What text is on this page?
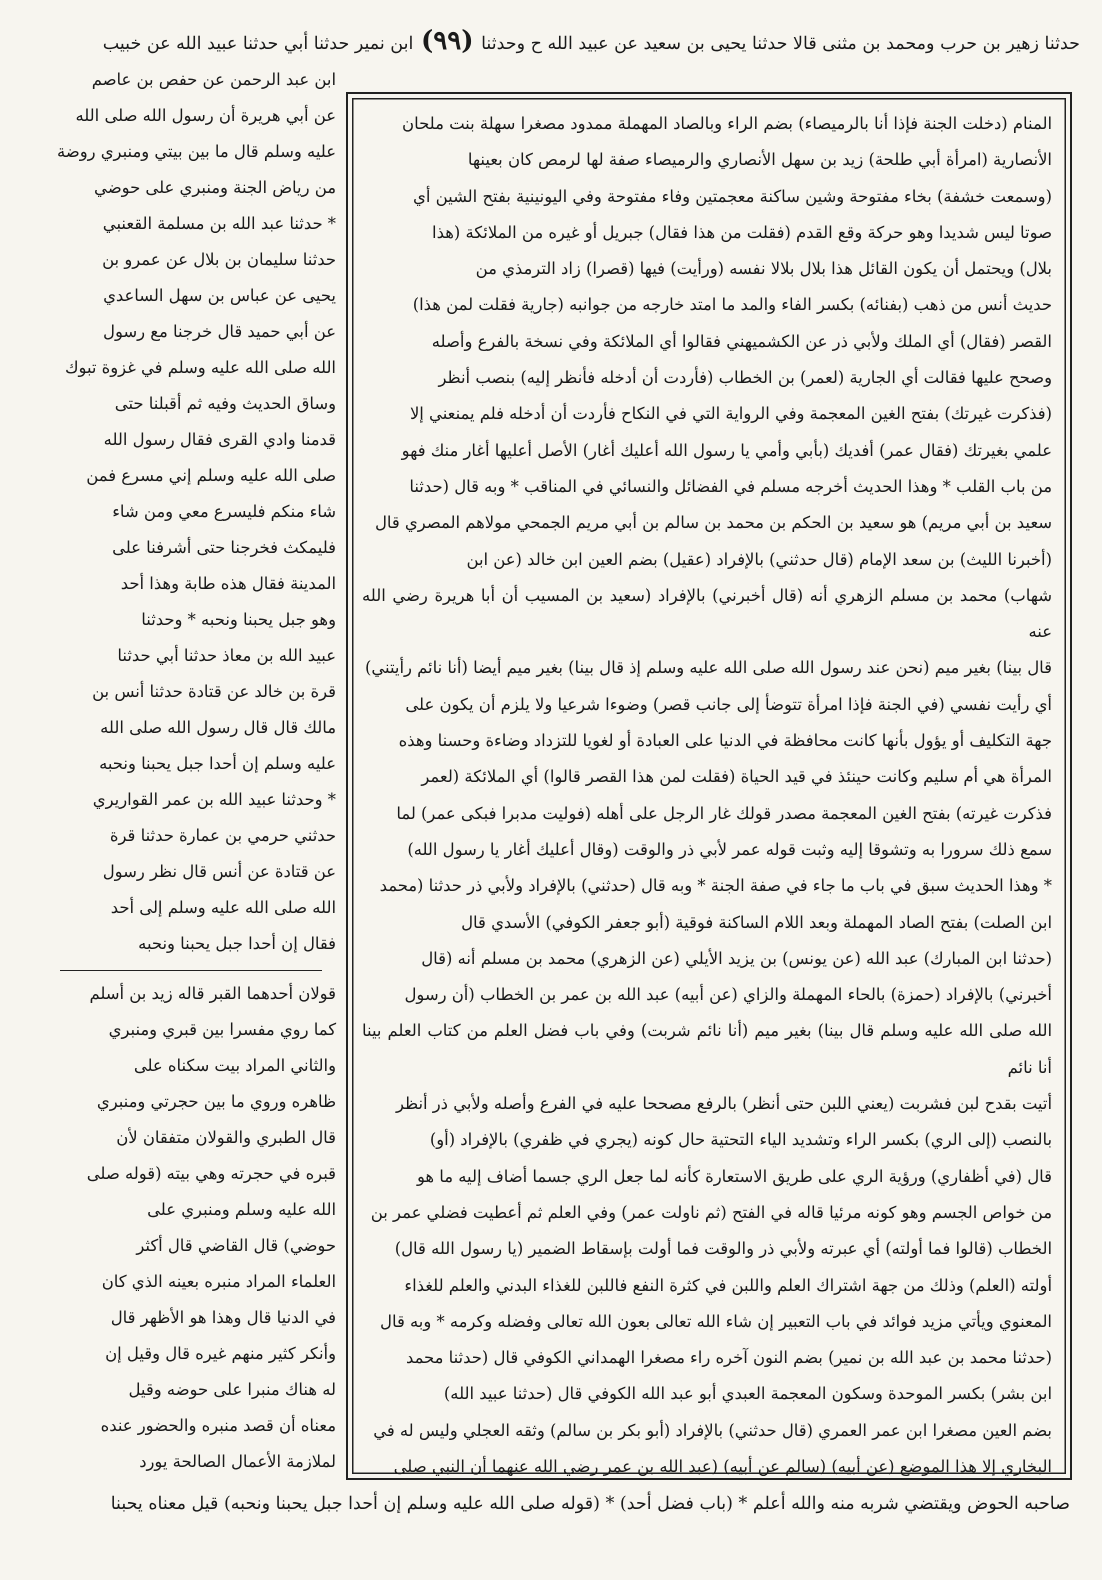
حدثنا زهير بن حرب ومحمد بن مثنى قالا حدثنا يحيى بن سعيد عن عبيد الله ح وحدثنا (٩٩) ابن نمير حدثنا أبي حدثنا عبيد الله عن خبيب
ابن عبد الرحمن عن حفص بن عاصم
عن أبي هريرة أن رسول الله صلى الله
عليه وسلم قال ما بين بيتي ومنبري روضة
من رياض الجنة ومنبري على حوضي
* حدثنا عبد الله بن مسلمة القعنبي
حدثنا سليمان بن بلال عن عمرو بن
يحيى عن عباس بن سهل الساعدي
عن أبي حميد قال خرجنا مع رسول
الله صلى الله عليه وسلم في غزوة تبوك
وساق الحديث وفيه ثم أقبلنا حتى
قدمنا وادي القرى فقال رسول الله
صلى الله عليه وسلم إني مسرع فمن
شاء منكم فليسرع معي ومن شاء
فليمكث فخرجنا حتى أشرفنا على
المدينة فقال هذه طابة وهذا أحد
وهو جبل يحبنا ونحبه * وحدثنا
عبيد الله بن معاذ حدثنا أبي حدثنا
قرة بن خالد عن قتادة حدثنا أنس بن
مالك قال قال رسول الله صلى الله
عليه وسلم إن أحدا جبل يحبنا ونحبه
* وحدثنا عبيد الله بن عمر القواريري
حدثني حرمي بن عمارة حدثنا قرة
عن قتادة عن أنس قال نظر رسول
الله صلى الله عليه وسلم إلى أحد
فقال إن أحدا جبل يحبنا ونحبه
قولان أحدهما القبر قاله زيد بن أسلم
كما روي مفسرا بين قبري ومنبري
والثاني المراد بيت سكناه على
ظاهره وروي ما بين حجرتي ومنبري
قال الطبري والقولان متفقان لأن
قبره في حجرته وهي بيته (قوله صلى
الله عليه وسلم ومنبري على
حوضي) قال القاضي قال أكثر
العلماء المراد منبره بعينه الذي كان
في الدنيا قال وهذا هو الأظهر قال
وأنكر كثير منهم غيره قال وقيل إن
له هناك منبرا على حوضه وقيل
معناه أن قصد منبره والحضور عنده
لملازمة الأعمال الصالحة يورد
المنام (دخلت الجنة فإذا أنا بالرميصاء) بضم الراء وبالصاد المهملة ممدود مصغرا سهلة بنت ملحان
الأنصارية (امرأة أبي طلحة) زيد بن سهل الأنصاري والرميصاء صفة لها لرمص كان بعينها
(وسمعت خشفة) بخاء مفتوحة وشين ساكنة معجمتين وفاء مفتوحة وفي اليونينية بفتح الشين أي
صوتا ليس شديدا وهو حركة وقع القدم (فقلت من هذا فقال) جبريل أو غيره من الملائكة (هذا
بلال) ويحتمل أن يكون القائل هذا بلال بلالا نفسه (ورأيت) فيها (قصرا) زاد الترمذي من
حديث أنس من ذهب (بفنائه) بكسر الفاء والمد ما امتد خارجه من جوانبه (جارية فقلت لمن هذا)
القصر (فقال) أي الملك ولأبي ذر عن الكشميهني فقالوا أي الملائكة وفي نسخة بالفرع وأصله
وصحح عليها فقالت أي الجارية (لعمر) بن الخطاب (فأردت أن أدخله فأنظر إليه) بنصب أنظر
(فذكرت غيرتك) بفتح الغين المعجمة وفي الرواية التي في النكاح فأردت أن أدخله فلم يمنعني إلا
علمي بغيرتك (فقال عمر) أفديك (بأبي وأمي يا رسول الله أعليك أغار) الأصل أعليها أغار منك فهو
من باب القلب * وهذا الحديث أخرجه مسلم في الفضائل والنسائي في المناقب * وبه قال (حدثنا
سعيد بن أبي مريم) هو سعيد بن الحكم بن محمد بن سالم بن أبي مريم الجمحي مولاهم المصري قال
(أخبرنا الليث) بن سعد الإمام (قال حدثني) بالإفراد (عقيل) بضم العين ابن خالد (عن ابن
شهاب) محمد بن مسلم الزهري أنه (قال أخبرني) بالإفراد (سعيد بن المسيب أن أبا هريرة رضي الله عنه
قال بينا) بغير ميم (نحن عند رسول الله صلى الله عليه وسلم إذ قال بينا) بغير ميم أيضا (أنا نائم رأيتني)
أي رأيت نفسي (في الجنة فإذا امرأة تتوضأ إلى جانب قصر) وضوءا شرعيا ولا يلزم أن يكون على
جهة التكليف أو يؤول بأنها كانت محافظة في الدنيا على العبادة أو لغويا للتزداد وضاءة وحسنا وهذه
المرأة هي أم سليم وكانت حينئذ في قيد الحياة (فقلت لمن هذا القصر قالوا) أي الملائكة (لعمر
فذكرت غيرته) بفتح الغين المعجمة مصدر قولك غار الرجل على أهله (فوليت مدبرا فبكى عمر) لما
سمع ذلك سرورا به وتشوقا إليه وثبت قوله عمر لأبي ذر والوقت (وقال أعليك أغار يا رسول الله)
* وهذا الحديث سبق في باب ما جاء في صفة الجنة * وبه قال (حدثني) بالإفراد ولأبي ذر حدثنا (محمد
ابن الصلت) بفتح الصاد المهملة وبعد اللام الساكنة فوقية (أبو جعفر الكوفي) الأسدي قال
(حدثنا ابن المبارك) عبد الله (عن يونس) بن يزيد الأيلي (عن الزهري) محمد بن مسلم أنه (قال
أخبرني) بالإفراد (حمزة) بالحاء المهملة والزاي (عن أبيه) عبد الله بن عمر بن الخطاب (أن رسول
الله صلى الله عليه وسلم قال بينا) بغير ميم (أنا نائم شربت) وفي باب فضل العلم من كتاب العلم بينا أنا نائم
أتيت بقدح لبن فشربت (يعني اللبن حتى أنظر) بالرفع مصححا عليه في الفرع وأصله ولأبي ذر أنظر
بالنصب (إلى الري) بكسر الراء وتشديد الياء التحتية حال كونه (يجري في ظفري) بالإفراد (أو)
قال (في أظفاري) ورؤية الري على طريق الاستعارة كأنه لما جعل الري جسما أضاف إليه ما هو
من خواص الجسم وهو كونه مرئيا قاله في الفتح (ثم ناولت عمر) وفي العلم ثم أعطيت فضلي عمر بن
الخطاب (قالوا فما أولته) أي عبرته ولأبي ذر والوقت فما أولت بإسقاط الضمير (يا رسول الله قال)
أولته (العلم) وذلك من جهة اشتراك العلم واللبن في كثرة النفع فاللبن للغذاء البدني والعلم للغذاء
المعنوي ويأتي مزيد فوائد في باب التعبير إن شاء الله تعالى بعون الله تعالى وفضله وكرمه * وبه قال
(حدثنا محمد بن عبد الله بن نمير) بضم النون آخره راء مصغرا الهمداني الكوفي قال (حدثنا محمد
ابن بشر) بكسر الموحدة وسكون المعجمة العبدي أبو عبد الله الكوفي قال (حدثنا عبيد الله)
بضم العين مصغرا ابن عمر العمري (قال حدثني) بالإفراد (أبو بكر بن سالم) وثقه العجلي وليس له في
البخاري إلا هذا الموضع (عن أبيه) (سالم عن أبيه) (عبد الله بن عمر رضي الله عنهما أن النبي صلى
صاحبه الحوض ويقتضي شربه منه والله أعلم * (باب فضل أحد) * (قوله صلى الله عليه وسلم إن أحدا جبل يحبنا ونحبه) قيل معناه يحبنا
